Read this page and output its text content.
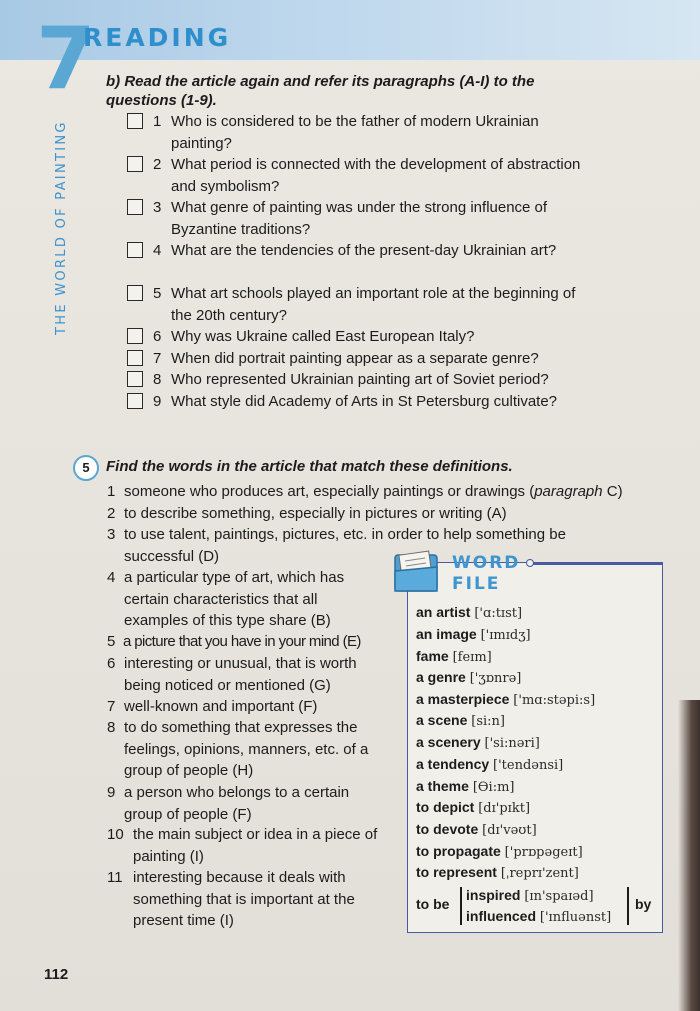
7
READING
THE WORLD OF PAINTING
b) Read the article again and refer its paragraphs (A-I) to the questions (1-9).
1 Who is considered to be the father of modern Ukrainian painting?
2 What period is connected with the development of abstraction and symbolism?
3 What genre of painting was under the strong influence of Byzantine traditions?
4 What are the tendencies of the present-day Ukrainian art?
5 What art schools played an important role at the beginning of the 20th century?
6 Why was Ukraine called East European Italy?
7 When did portrait painting appear as a separate genre?
8 Who represented Ukrainian painting art of Soviet period?
9 What style did Academy of Arts in St Petersburg cultivate?
5	Find the words in the article that match these definitions.
1 someone who produces art, especially paintings or drawings (paragraph C)
2 to describe something, especially in pictures or writing (A)
3 to use talent, paintings, pictures, etc. in order to help something be successful (D)
4 a particular type of art, which has certain characteristics that all examples of this type share (B)
5 a picture that you have in your mind (E)
6 interesting or unusual, that is worth being noticed or mentioned (G)
7 well-known and important (F)
8 to do something that expresses the feelings, opinions, manners, etc. of a group of people (H)
9 a person who belongs to a certain group of people (F)
10 the main subject or idea in a piece of painting (I)
11 interesting because it deals with something that is important at the present time (I)
WORD
FILE
an artist ['ɑ:tɪst]
an image ['ɪmɪdʒ]
fame [feɪm]
a genre ['ʒɒnrə]
a masterpiece ['mɑ:stəpi:s]
a scene [si:n]
a scenery ['si:nəri]
a tendency ['tendənsi]
a theme [Өi:m]
to depict [dɪ'pɪkt]
to devote [dɪ'vəʊt]
to propagate ['prɒpəgeɪt]
to represent [ˌreprɪ'zent]
to be
inspired [ɪn'spaɪəd]
influenced ['ɪnfluənst]
by
112
